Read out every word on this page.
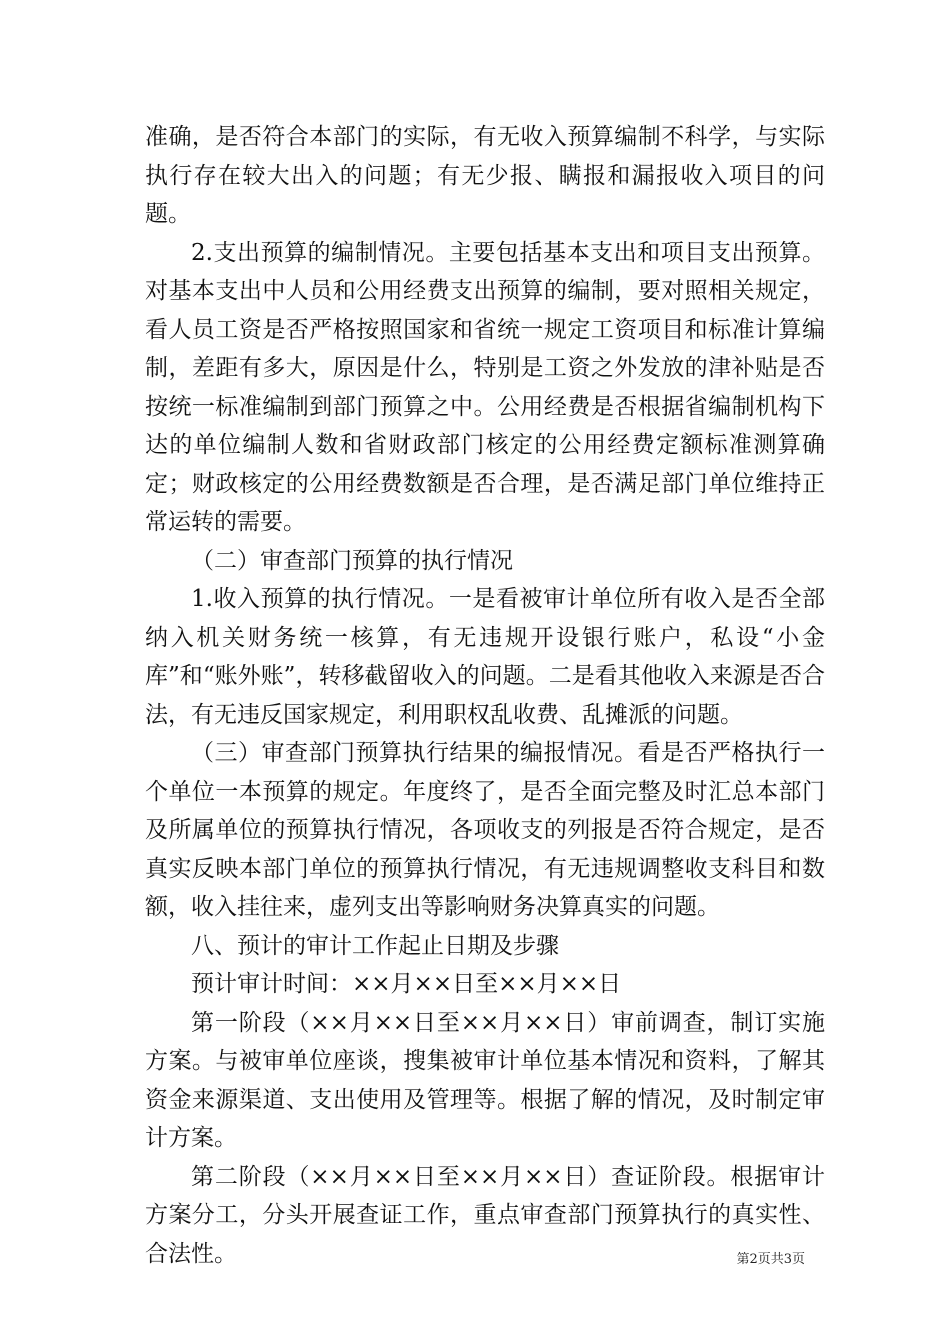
准确，是否符合本部门的实际，有无收入预算编制不科学，与实际执行存在较大出入的问题；有无少报、瞒报和漏报收入项目的问题。

2.支出预算的编制情况。主要包括基本支出和项目支出预算。对基本支出中人员和公用经费支出预算的编制，要对照相关规定，看人员工资是否严格按照国家和省统一规定工资项目和标准计算编制，差距有多大，原因是什么，特别是工资之外发放的津补贴是否按统一标准编制到部门预算之中。公用经费是否根据省编制机构下达的单位编制人数和省财政部门核定的公用经费定额标准测算确定；财政核定的公用经费数额是否合理，是否满足部门单位维持正常运转的需要。

（二）审查部门预算的执行情况

1.收入预算的执行情况。一是看被审计单位所有收入是否全部纳入机关财务统一核算，有无违规开设银行账户，私设“小金库”和“账外账”，转移截留收入的问题。二是看其他收入来源是否合法，有无违反国家规定，利用职权乱收费、乱摊派的问题。

（三）审查部门预算执行结果的编报情况。看是否严格执行一个单位一本预算的规定。年度终了，是否全面完整及时汇总本部门及所属单位的预算执行情况，各项收支的列报是否符合规定，是否真实反映本部门单位的预算执行情况，有无违规调整收支科目和数额，收入挂往来，虚列支出等影响财务决算真实的问题。

八、预计的审计工作起止日期及步骤

预计审计时间：××月××日至××月××日

第一阶段（××月××日至××月××日）审前调查，制订实施方案。与被审单位座谈，搜集被审计单位基本情况和资料，了解其资金来源渠道、支出使用及管理等。根据了解的情况，及时制定审计方案。

第二阶段（××月××日至××月××日）查证阶段。根据审计方案分工，分头开展查证工作，重点审查部门预算执行的真实性、合法性。	第2页共3页
